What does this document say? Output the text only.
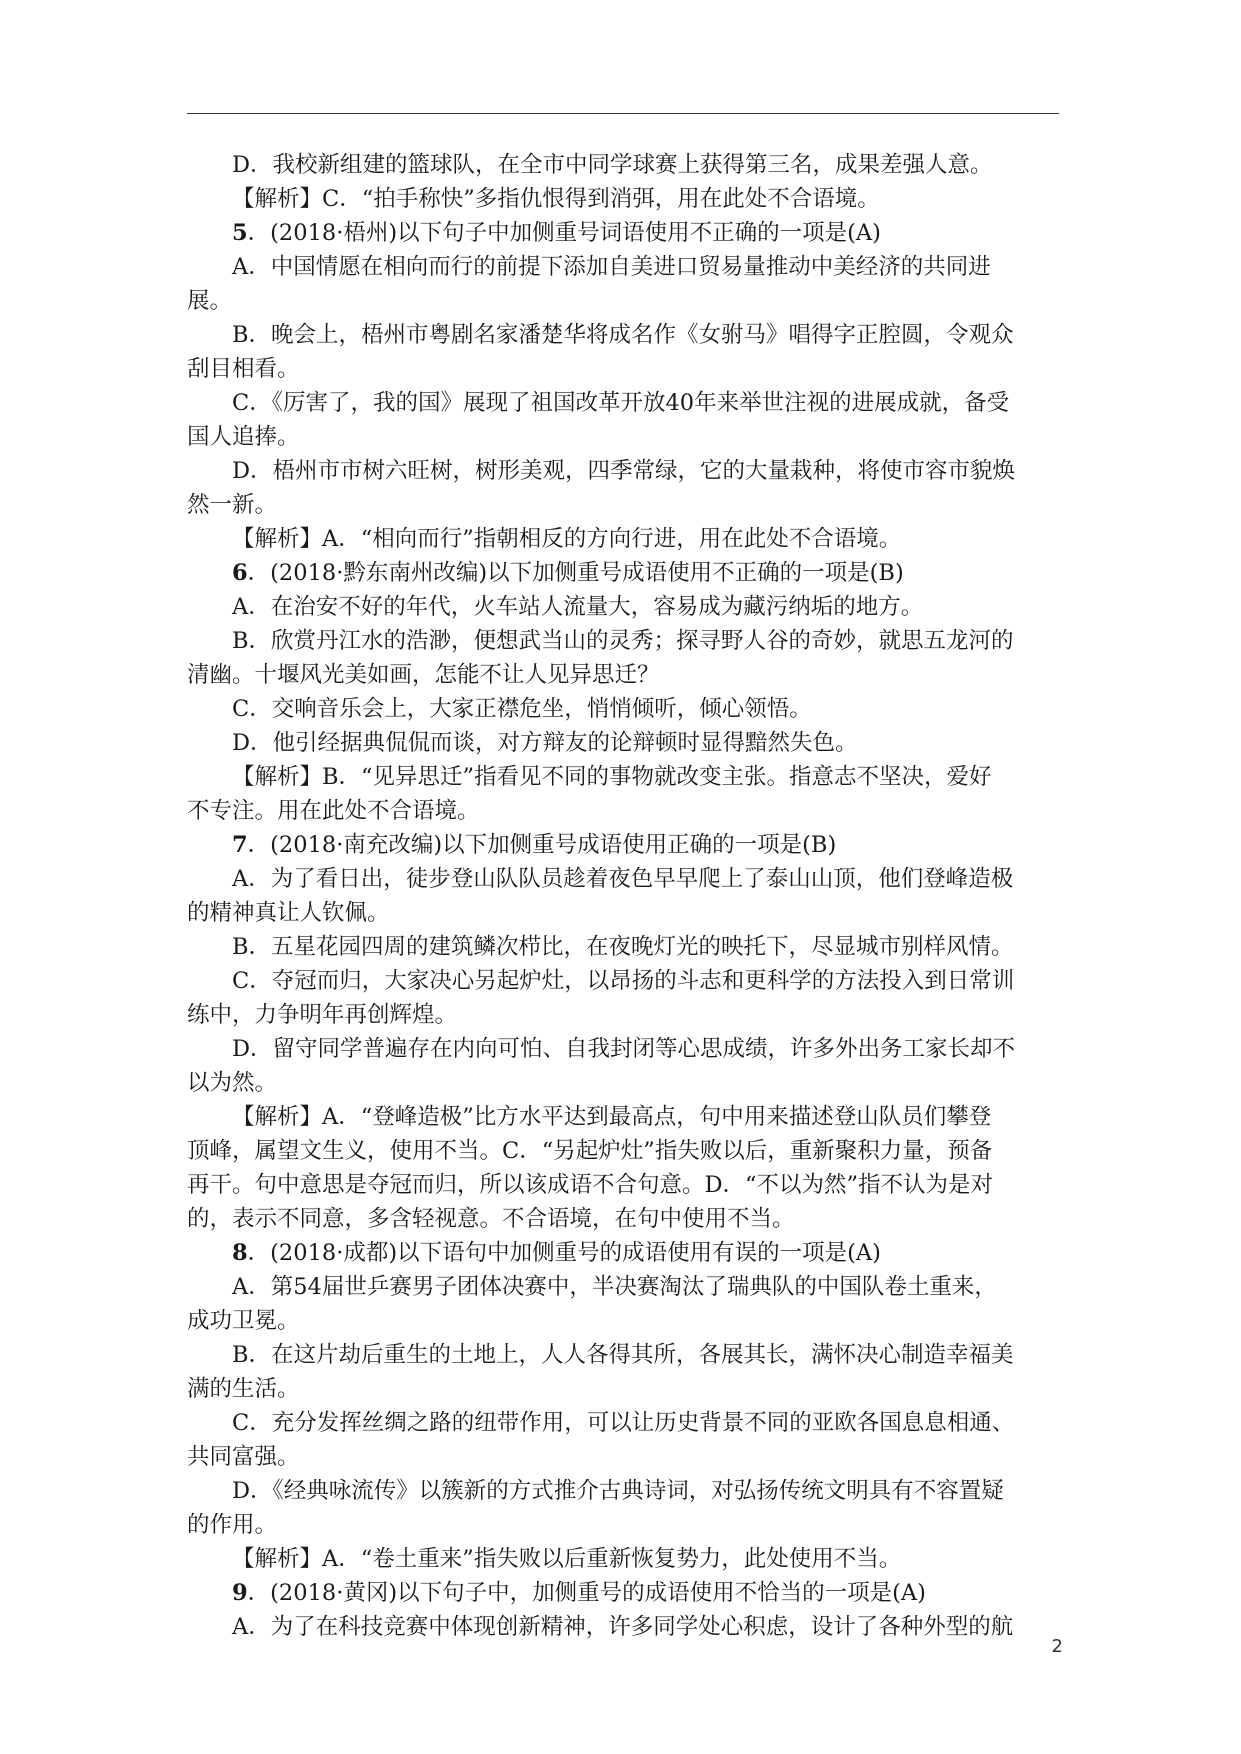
D．我校新组建的篮球队，在全市中同学球赛上获得第三名，成果差强人意。
【解析】C．“拍手称快”多指仇恨得到消弭，用在此处不合语境。
5．(2018·梧州)以下句子中加侧重号词语使用不正确的一项是(A)
A．中国情愿在相向而行的前提下添加自美进口贸易量推动中美经济的共同进
展。
B．晚会上，梧州市粤剧名家潘楚华将成名作《女驸马》唱得字正腔圆，令观众
刮目相看。
C．《厉害了，我的国》展现了祖国改革开放40年来举世注视的进展成就，备受
国人追捧。
D．梧州市市树六旺树，树形美观，四季常绿，它的大量栽种，将使市容市貌焕
然一新。
【解析】A．“相向而行”指朝相反的方向行进，用在此处不合语境。
6．(2018·黔东南州改编)以下加侧重号成语使用不正确的一项是(B)
A．在治安不好的年代，火车站人流量大，容易成为藏污纳垢的地方。
B．欣赏丹江水的浩渺，便想武当山的灵秀；探寻野人谷的奇妙，就思五龙河的
清幽。十堰风光美如画，怎能不让人见异思迁？
C．交响音乐会上，大家正襟危坐，悄悄倾听，倾心领悟。
D．他引经据典侃侃而谈，对方辩友的论辩顿时显得黯然失色。
【解析】B．“见异思迁”指看见不同的事物就改变主张。指意志不坚决，爱好
不专注。用在此处不合语境。
7．(2018·南充改编)以下加侧重号成语使用正确的一项是(B)
A．为了看日出，徒步登山队队员趁着夜色早早爬上了泰山山顶，他们登峰造极
的精神真让人钦佩。
B．五星花园四周的建筑鳞次栉比，在夜晚灯光的映托下，尽显城市别样风情。
C．夺冠而归，大家决心另起炉灶，以昂扬的斗志和更科学的方法投入到日常训
练中，力争明年再创辉煌。
D．留守同学普遍存在内向可怕、自我封闭等心思成绩，许多外出务工家长却不
以为然。
【解析】A．“登峰造极”比方水平达到最高点，句中用来描述登山队员们攀登
顶峰，属望文生义，使用不当。C．“另起炉灶”指失败以后，重新聚积力量，预备
再干。句中意思是夺冠而归，所以该成语不合句意。D．“不以为然”指不认为是对
的，表示不同意，多含轻视意。不合语境，在句中使用不当。
8．(2018·成都)以下语句中加侧重号的成语使用有误的一项是(A)
A．第54届世乒赛男子团体决赛中，半决赛淘汰了瑞典队的中国队卷土重来，
成功卫冕。
B．在这片劫后重生的土地上，人人各得其所，各展其长，满怀决心制造幸福美
满的生活。
C．充分发挥丝绸之路的纽带作用，可以让历史背景不同的亚欧各国息息相通、
共同富强。
D．《经典咏流传》以簇新的方式推介古典诗词，对弘扬传统文明具有不容置疑
的作用。
【解析】A．“卷土重来”指失败以后重新恢复势力，此处使用不当。
9．(2018·黄冈)以下句子中，加侧重号的成语使用不恰当的一项是(A)
A．为了在科技竞赛中体现创新精神，许多同学处心积虑，设计了各种外型的航
2
